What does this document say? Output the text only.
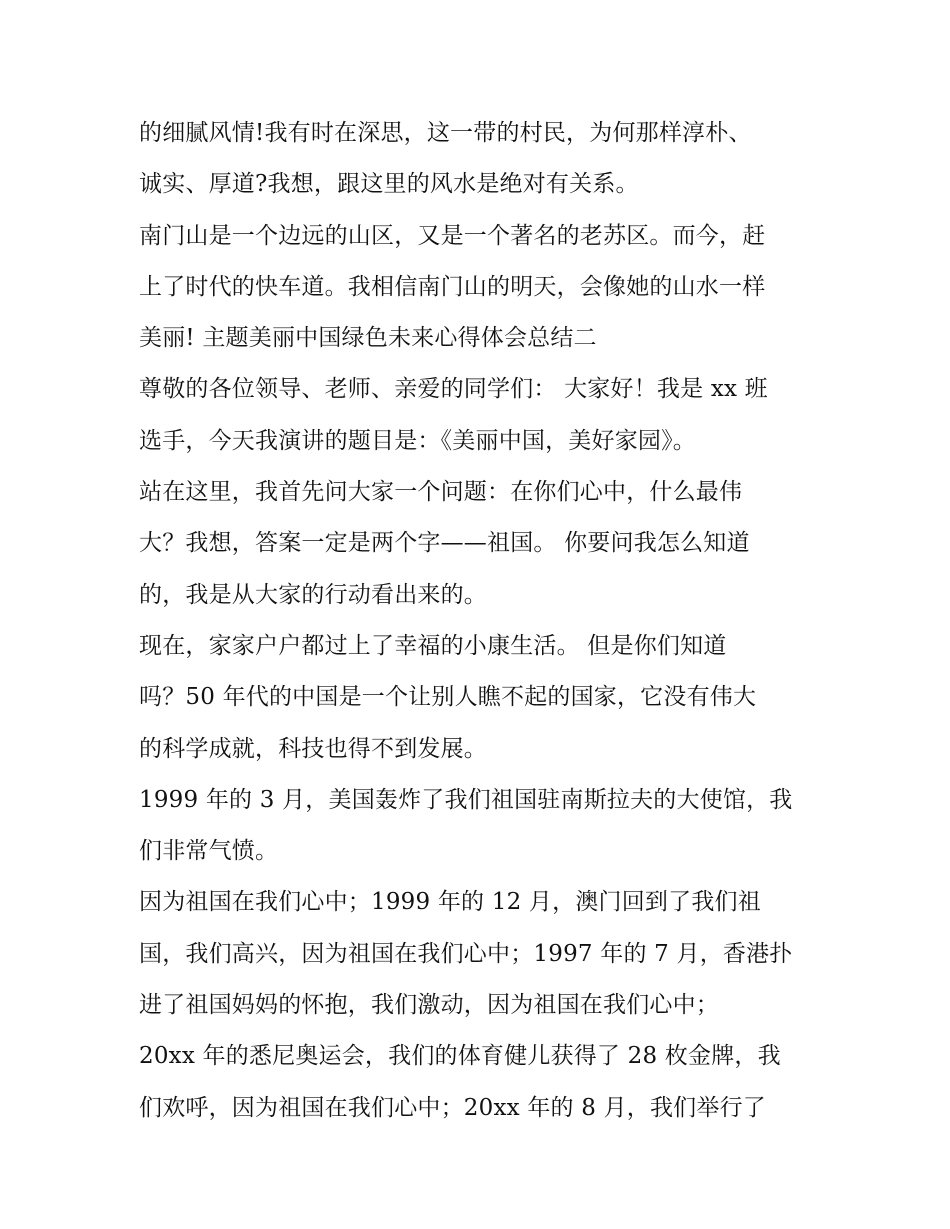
的细腻风情!我有时在深思，这一带的村民，为何那样淳朴、
诚实、厚道?我想，跟这里的风水是绝对有关系。
南门山是一个边远的山区，又是一个著名的老苏区。而今，赶
上了时代的快车道。我相信南门山的明天，会像她的山水一样
美丽! 主题美丽中国绿色未来心得体会总结二
尊敬的各位领导、老师、亲爱的同学们： 大家好！我是 xx 班
选手，今天我演讲的题目是：《美丽中国，美好家园》。
站在这里，我首先问大家一个问题：在你们心中，什么最伟
大？我想，答案一定是两个字——祖国。 你要问我怎么知道
的，我是从大家的行动看出来的。
现在，家家户户都过上了幸福的小康生活。 但是你们知道
吗？50 年代的中国是一个让别人瞧不起的国家，它没有伟大
的科学成就，科技也得不到发展。
1999 年的 3 月，美国轰炸了我们祖国驻南斯拉夫的大使馆，我
们非常气愤。
因为祖国在我们心中；1999 年的 12 月，澳门回到了我们祖
国，我们高兴，因为祖国在我们心中；1997 年的 7 月，香港扑
进了祖国妈妈的怀抱，我们激动，因为祖国在我们心中；
20xx 年的悉尼奥运会，我们的体育健儿获得了 28 枚金牌，我
们欢呼，因为祖国在我们心中；20xx 年的 8 月，我们举行了
